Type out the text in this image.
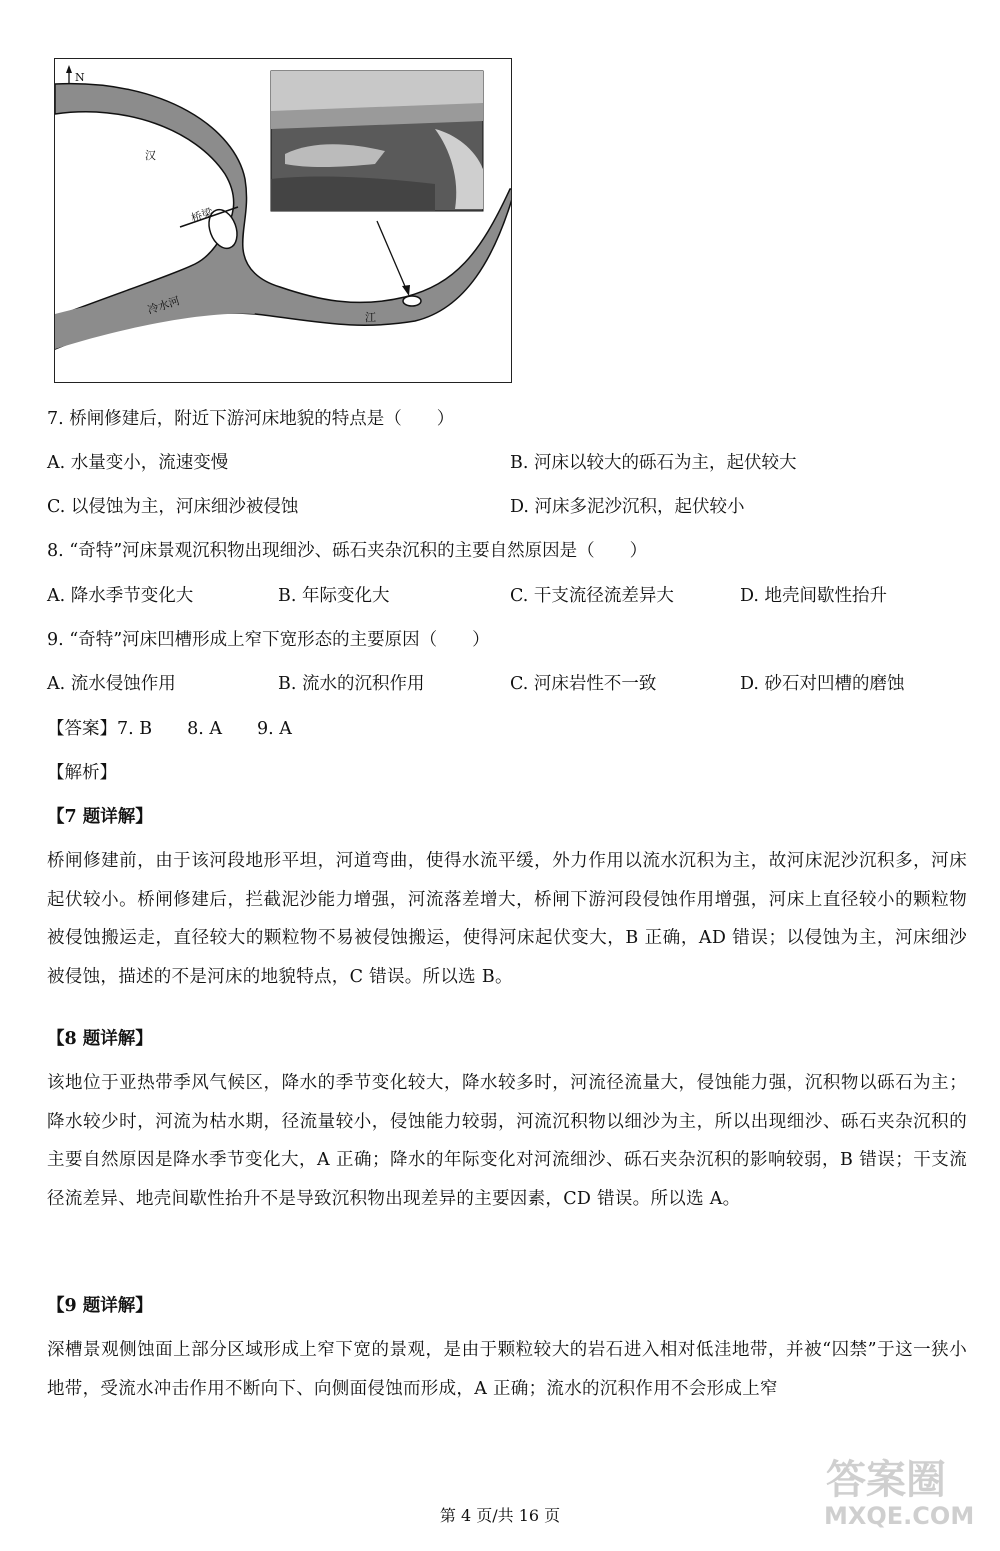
N
汉
桥梁
冷水河
江
7. 桥闸修建后，附近下游河床地貌的特点是（　　）
A. 水量变小，流速变慢	B. 河床以较大的砾石为主，起伏较大
C. 以侵蚀为主，河床细沙被侵蚀	D. 河床多泥沙沉积，起伏较小
8. “奇特”河床景观沉积物出现细沙、砾石夹杂沉积的主要自然原因是（　　）
A. 降水季节变化大	B. 年际变化大	C. 干支流径流差异大	D. 地壳间歇性抬升
9. “奇特”河床凹槽形成上窄下宽形态的主要原因（　　）
A. 流水侵蚀作用	B. 流水的沉积作用	C. 河床岩性不一致	D. 砂石对凹槽的磨蚀
【答案】7. B　　8. A　　9. A
【解析】
【7 题详解】
桥闸修建前，由于该河段地形平坦，河道弯曲，使得水流平缓，外力作用以流水沉积为主，故河床泥沙沉积多，河床起伏较小。桥闸修建后，拦截泥沙能力增强，河流落差增大，桥闸下游河段侵蚀作用增强，河床上直径较小的颗粒物被侵蚀搬运走，直径较大的颗粒物不易被侵蚀搬运，使得河床起伏变大，B 正确，AD 错误；以侵蚀为主，河床细沙被侵蚀，描述的不是河床的地貌特点，C 错误。所以选 B。
【8 题详解】
该地位于亚热带季风气候区，降水的季节变化较大，降水较多时，河流径流量大，侵蚀能力强，沉积物以砾石为主；降水较少时，河流为枯水期，径流量较小，侵蚀能力较弱，河流沉积物以细沙为主，所以出现细沙、砾石夹杂沉积的主要自然原因是降水季节变化大，A 正确；降水的年际变化对河流细沙、砾石夹杂沉积的影响较弱，B 错误；干支流径流差异、地壳间歇性抬升不是导致沉积物出现差异的主要因素，CD 错误。所以选 A。
【9 题详解】
深槽景观侧蚀面上部分区域形成上窄下宽的景观，是由于颗粒较大的岩石进入相对低洼地带，并被“囚禁”于这一狭小地带，受流水冲击作用不断向下、向侧面侵蚀而形成，A 正确；流水的沉积作用不会形成上窄
第 4 页/共 16 页
答案圈
MXQE.COM
